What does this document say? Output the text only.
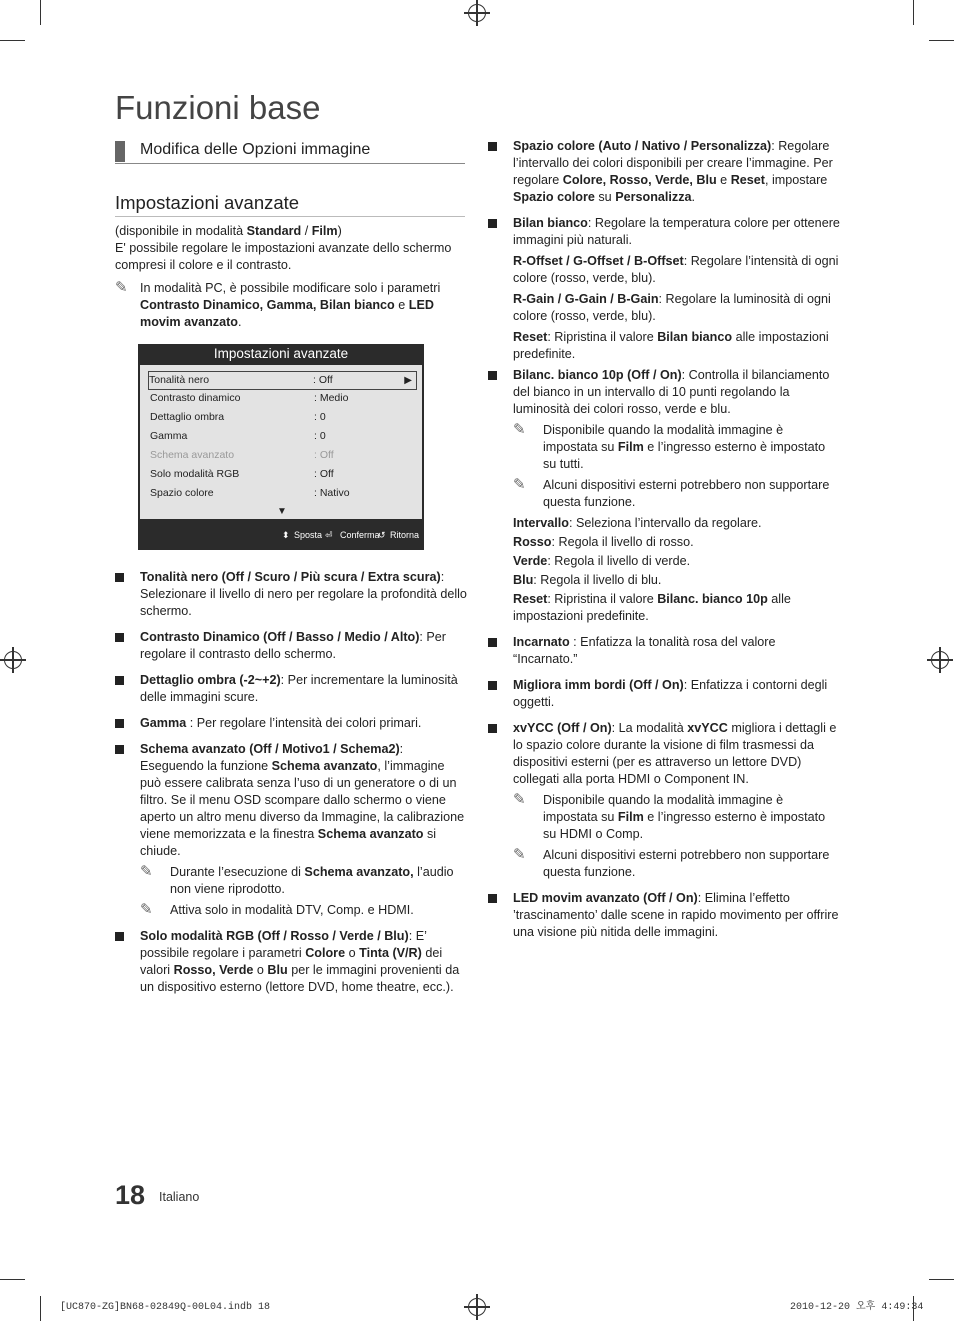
Funzioni base
Modifica delle Opzioni immagine
Impostazioni avanzate

(disponibile in modalità Standard / Film)

E' possibile regolare le impostazioni avanzate dello schermo compresi il colore e il contrasto.

✎ In modalità PC, è possibile modificare solo i parametri Contrasto Dinamico, Gamma, Bilan bianco e LED movim avanzato.
Impostazioni avanzate
Tonalità nero	: Off	▶
Contrasto dinamico	: Medio
Dettaglio ombra	: 0
Gamma	: 0
Schema avanzato	: Off
Solo modalità RGB	: Off
Spazio colore	: Nativo
▼
⬍ Sposta ⏎ Conferma
↺ Ritorna
Tonalità nero (Off / Scuro / Più scura / Extra scura): Selezionare il livello di nero per regolare la profondità dello schermo.
Contrasto Dinamico (Off / Basso / Medio / Alto): Per regolare il contrasto dello schermo.
Dettaglio ombra (-2~+2): Per incrementare la luminosità delle immagini scure.
Gamma : Per regolare l’intensità dei colori primari.
Schema avanzato (Off / Motivo1 / Schema2): Eseguendo la funzione Schema avanzato, l’immagine può essere calibrata senza l’uso di un generatore o di un filtro. Se il menu OSD scompare dallo schermo o viene aperto un altro menu diverso da Immagine, la calibrazione viene memorizzata e la finestra Schema avanzato si chiude.
✎ Durante l’esecuzione di Schema avanzato, l’audio non viene riprodotto.
✎ Attiva solo in modalità DTV, Comp. e HDMI.
Solo modalità RGB (Off / Rosso / Verde / Blu): E’ possibile regolare i parametri Colore o Tinta (V/R) dei valori Rosso, Verde o Blu per le immagini provenienti da un dispositivo esterno (lettore DVD, home theatre, ecc.).
Spazio colore (Auto / Nativo / Personalizza): Regolare l’intervallo dei colori disponibili per creare l’immagine. Per regolare Colore, Rosso, Verde, Blu e Reset, impostare Spazio colore su Personalizza.
Bilan bianco: Regolare la temperatura colore per ottenere immagini più naturali.

R-Offset / G-Offset / B-Offset: Regolare l’intensità di ogni colore (rosso, verde, blu).

R-Gain / G-Gain / B-Gain: Regolare la luminosità di ogni colore (rosso, verde, blu).

Reset: Ripristina il valore Bilan bianco alle impostazioni predefinite.

Bilanc. bianco 10p (Off / On): Controlla il bilanciamento del bianco in un intervallo di 10 punti regolando la luminosità dei colori rosso, verde e blu.
✎ Disponibile quando la modalità immagine è impostata su Film e l’ingresso esterno è impostato su tutti.
✎ Alcuni dispositivi esterni potrebbero non supportare questa funzione.

Intervallo: Seleziona l’intervallo da regolare.

Rosso: Regola il livello di rosso.

Verde: Regola il livello di verde.

Blu: Regola il livello di blu.

Reset: Ripristina il valore Bilanc. bianco 10p alle impostazioni predefinite.

Incarnato : Enfatizza la tonalità rosa del valore “Incarnato.”
Migliora imm bordi (Off / On): Enfatizza i contorni degli oggetti.
xvYCC (Off / On): La modalità xvYCC migliora i dettagli e lo spazio colore durante la visione di film trasmessi da dispositivi esterni (per es attraverso un lettore DVD) collegati alla porta HDMI o Component IN.
✎ Disponibile quando la modalità immagine è impostata su Film e l’ingresso esterno è impostato su HDMI o Comp.
✎ Alcuni dispositivi esterni potrebbero non supportare questa funzione.
LED movim avanzato (Off / On): Elimina l’effetto ’trascinamento’ dalle scene in rapido movimento per offrire una visione più nitida delle immagini.
18 Italiano
[UC870-ZG]BN68-02849Q-00L04.indb 18	2010-12-20 오후 4:49:34
